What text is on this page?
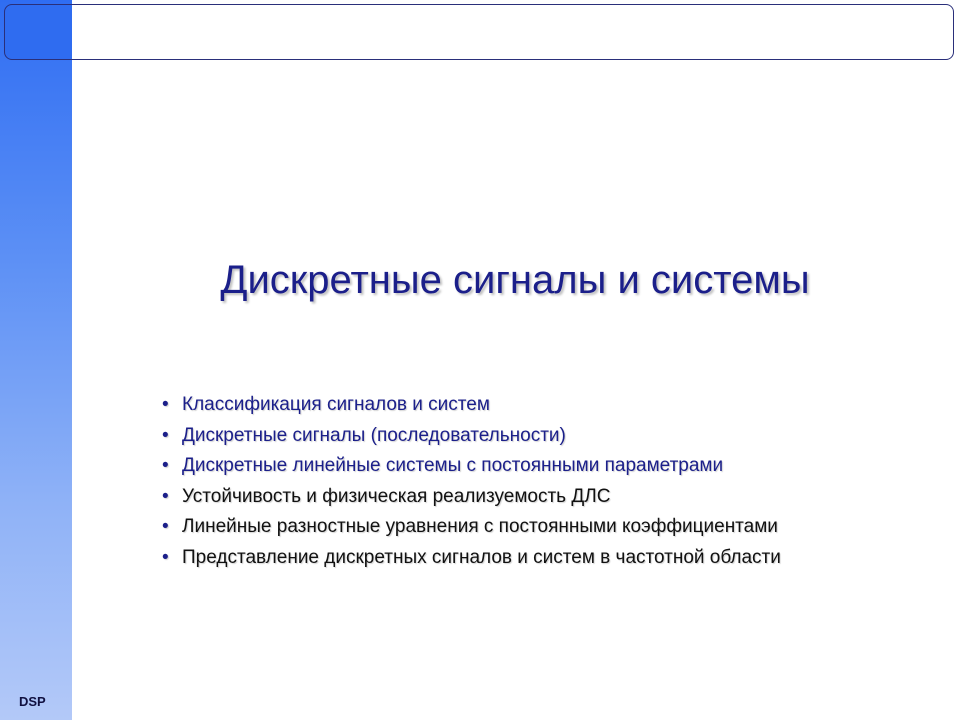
Дискретные сигналы и системы
• Классификация сигналов и систем
• Дискретные сигналы (последовательности)
• Дискретные линейные системы с постоянными параметрами
• Устойчивость и физическая реализуемость ДЛС
• Линейные разностные уравнения с постоянными коэффициентами
• Представление дискретных сигналов и систем в частотной области
DSP
